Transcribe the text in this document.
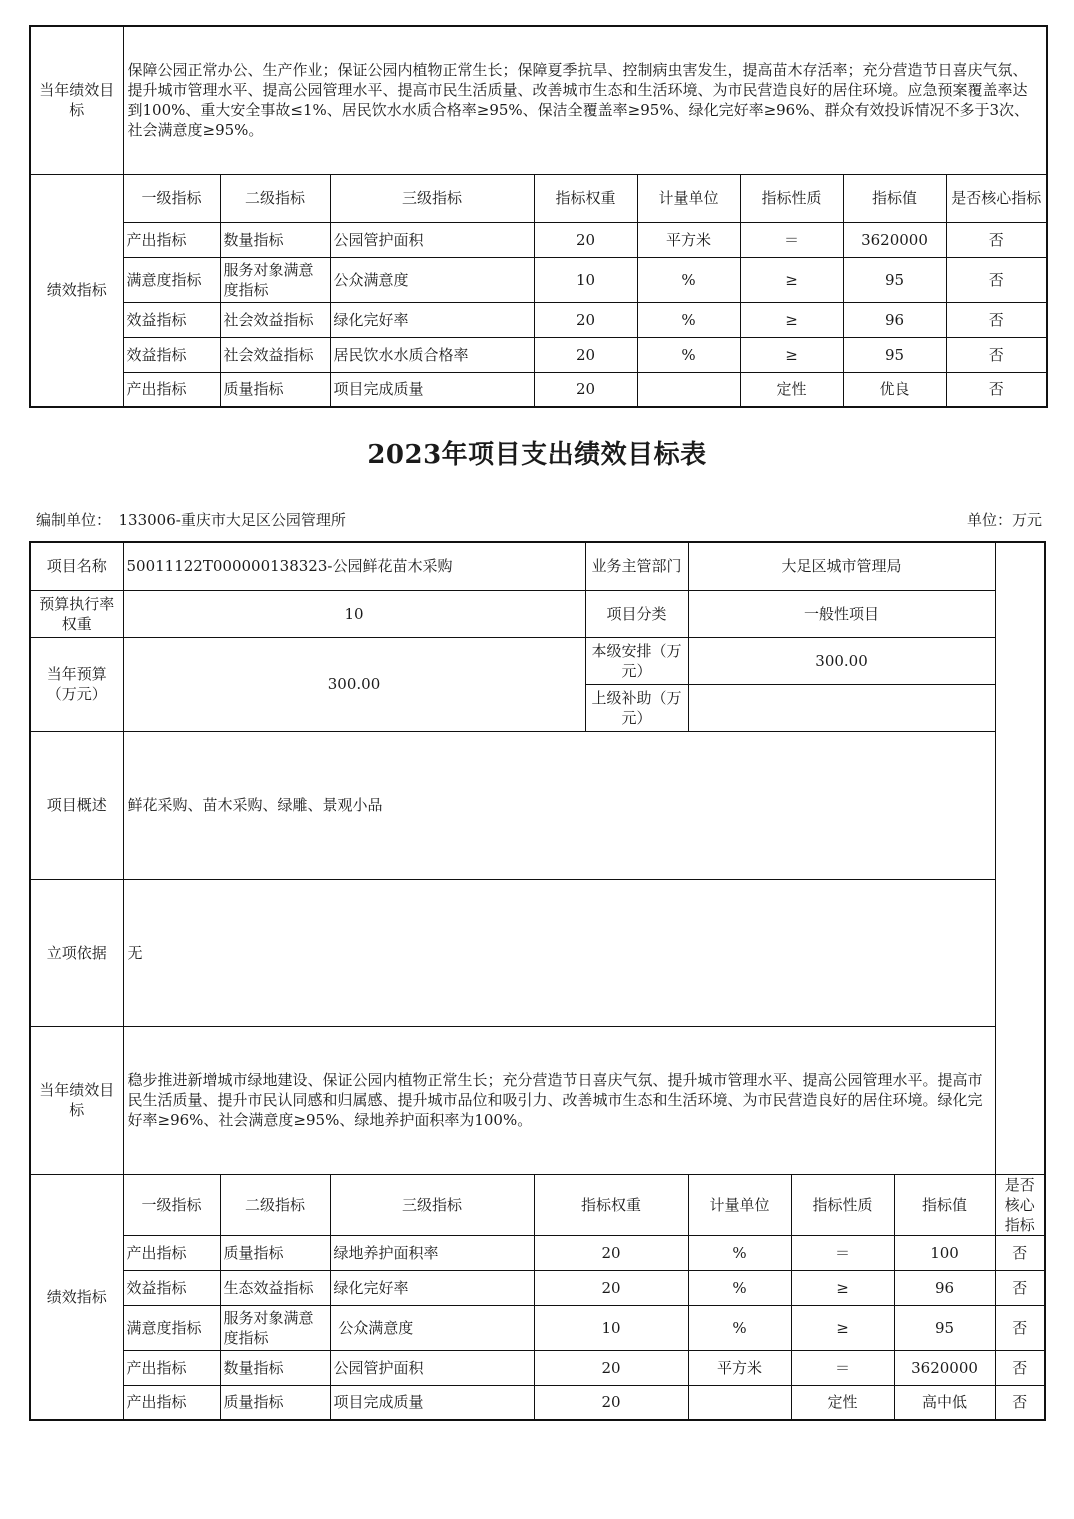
当年绩效目标	保障公园正常办公、生产作业；保证公园内植物正常生长；保障夏季抗旱、控制病虫害发生，提高苗木存活率；充分营造节日喜庆气氛、提升城市管理水平、提高公园管理水平、提高市民生活质量、改善城市生态和生活环境、为市民营造良好的居住环境。应急预案覆盖率达到100%、重大安全事故≤1%、居民饮水水质合格率≥95%、保洁全覆盖率≥95%、绿化完好率≥96%、群众有效投诉情况不多于3次、社会满意度≥95%。							
绩效指标	一级指标	二级指标	三级指标	指标权重	计量单位	指标性质	指标值	是否核心指标
	产出指标	数量指标	公园管护面积	20	平方米	＝	3620000	否
	满意度指标	服务对象满意度指标	公众满意度	10	%	≥	95	否
	效益指标	社会效益指标	绿化完好率	20	%	≥	96	否
	效益指标	社会效益指标	居民饮水水质合格率	20	%	≥	95	否
	产出指标	质量指标	项目完成质量	20		定性	优良	否
2023年项目支出绩效目标表
编制单位：　133006-重庆市大足区公园管理所	单位：万元
项目名称	50011122T000000138323-公园鲜花苗木采购				业务主管部门	大足区城市管理局			
预算执行率权重	10				项目分类	一般性项目			
当年预算（万元）	300.00				本级安排（万元）	300.00			
					上级补助（万元）				
项目概述	鲜花采购、苗木采购、绿雕、景观小品								
立项依据	无								
当年绩效目标	稳步推进新增城市绿地建设、保证公园内植物正常生长；充分营造节日喜庆气氛、提升城市管理水平、提高公园管理水平。提高市民生活质量、提升市民认同感和归属感、提升城市品位和吸引力、改善城市生态和生活环境、为市民营造良好的居住环境。绿化完好率≥96%、社会满意度≥95%、绿地养护面积率为100%。								
绩效指标	一级指标	二级指标	三级指标	指标权重		计量单位	指标性质	指标值	是否核心指标
	产出指标	质量指标	绿地养护面积率	20		%	＝	100	否
	效益指标	生态效益指标	绿化完好率	20		%	≥	96	否
	满意度指标	服务对象满意度指标	公众满意度	10		%	≥	95	否
	产出指标	数量指标	公园管护面积	20		平方米	＝	3620000	否
	产出指标	质量指标	项目完成质量	20			定性	高中低	否
